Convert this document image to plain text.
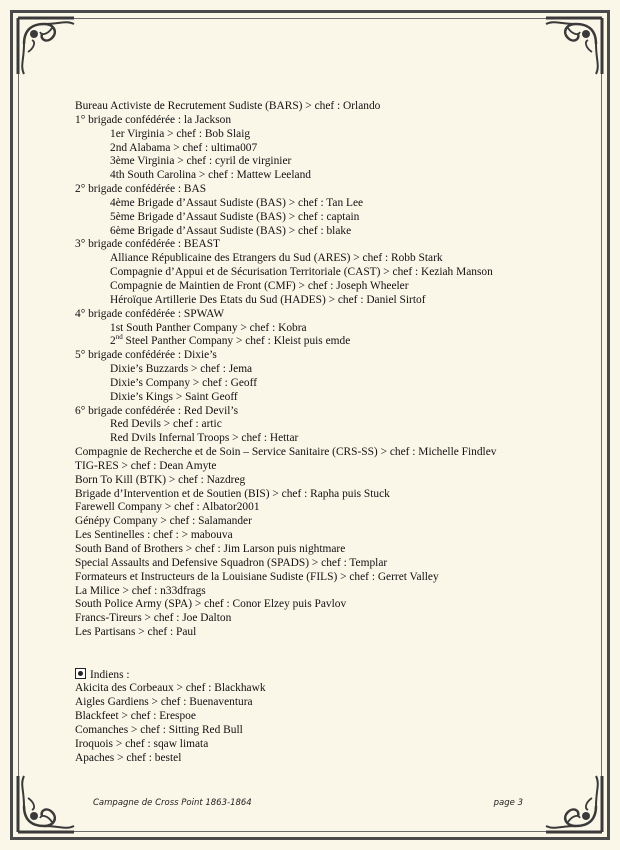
Bureau Activiste de Recrutement Sudiste (BARS) > chef : Orlando
1° brigade confédérée : la Jackson
1er Virginia > chef : Bob Slaig
2nd Alabama > chef : ultima007
3ème Virginia > chef : cyril de virginier
4th South Carolina > chef : Mattew Leeland
2° brigade confédérée : BAS
4ème Brigade d’Assaut Sudiste (BAS) > chef : Tan Lee
5ème Brigade d’Assaut Sudiste (BAS) > chef : captain
6ème Brigade d’Assaut Sudiste (BAS) > chef : blake
3° brigade confédérée : BEAST
Alliance Républicaine des Etrangers du Sud (ARES) > chef : Robb Stark
Compagnie d’Appui et de Sécurisation Territoriale (CAST) > chef : Keziah Manson
Compagnie de Maintien de Front (CMF) > chef : Joseph Wheeler
Héroïque Artillerie Des Etats du Sud (HADES) > chef : Daniel Sirtof
4° brigade confédérée : SPWAW
1st South Panther Company > chef : Kobra
2nd Steel Panther Company > chef : Kleist puis emde
5° brigade confédérée : Dixie’s
Dixie’s Buzzards > chef : Jema
Dixie’s Company > chef : Geoff
Dixie’s Kings > Saint Geoff
6° brigade confédérée : Red Devil’s
Red Devils > chef : artic
Red Dvils Infernal Troops > chef : Hettar
Compagnie de Recherche et de Soin – Service Sanitaire (CRS-SS) > chef : Michelle Findlev
TIG-RES > chef : Dean Amyte
Born To Kill (BTK) > chef : Nazdreg
Brigade d’Intervention et de Soutien (BIS) > chef : Rapha puis Stuck
Farewell Company > chef : Albator2001
Génépy Company > chef : Salamander
Les Sentinelles : chef : > mabouva
South Band of Brothers > chef : Jim Larson puis nightmare
Special Assaults and Defensive Squadron (SPADS) > chef : Templar
Formateurs et Instructeurs de la Louisiane Sudiste (FILS) > chef : Gerret Valley
La Milice > chef : n33dfrags
South Police Army (SPA) > chef : Conor Elzey puis Pavlov
Francs-Tireurs > chef : Joe Dalton
Les Partisans > chef : Paul
Indiens :
Akicita des Corbeaux > chef : Blackhawk
Aigles Gardiens > chef : Buenaventura
Blackfeet > chef : Erespoe
Comanches > chef : Sitting Red Bull
Iroquois > chef : sqaw limata
Apaches > chef : bestel
Campagne de Cross Point 1863-1864	page 3
